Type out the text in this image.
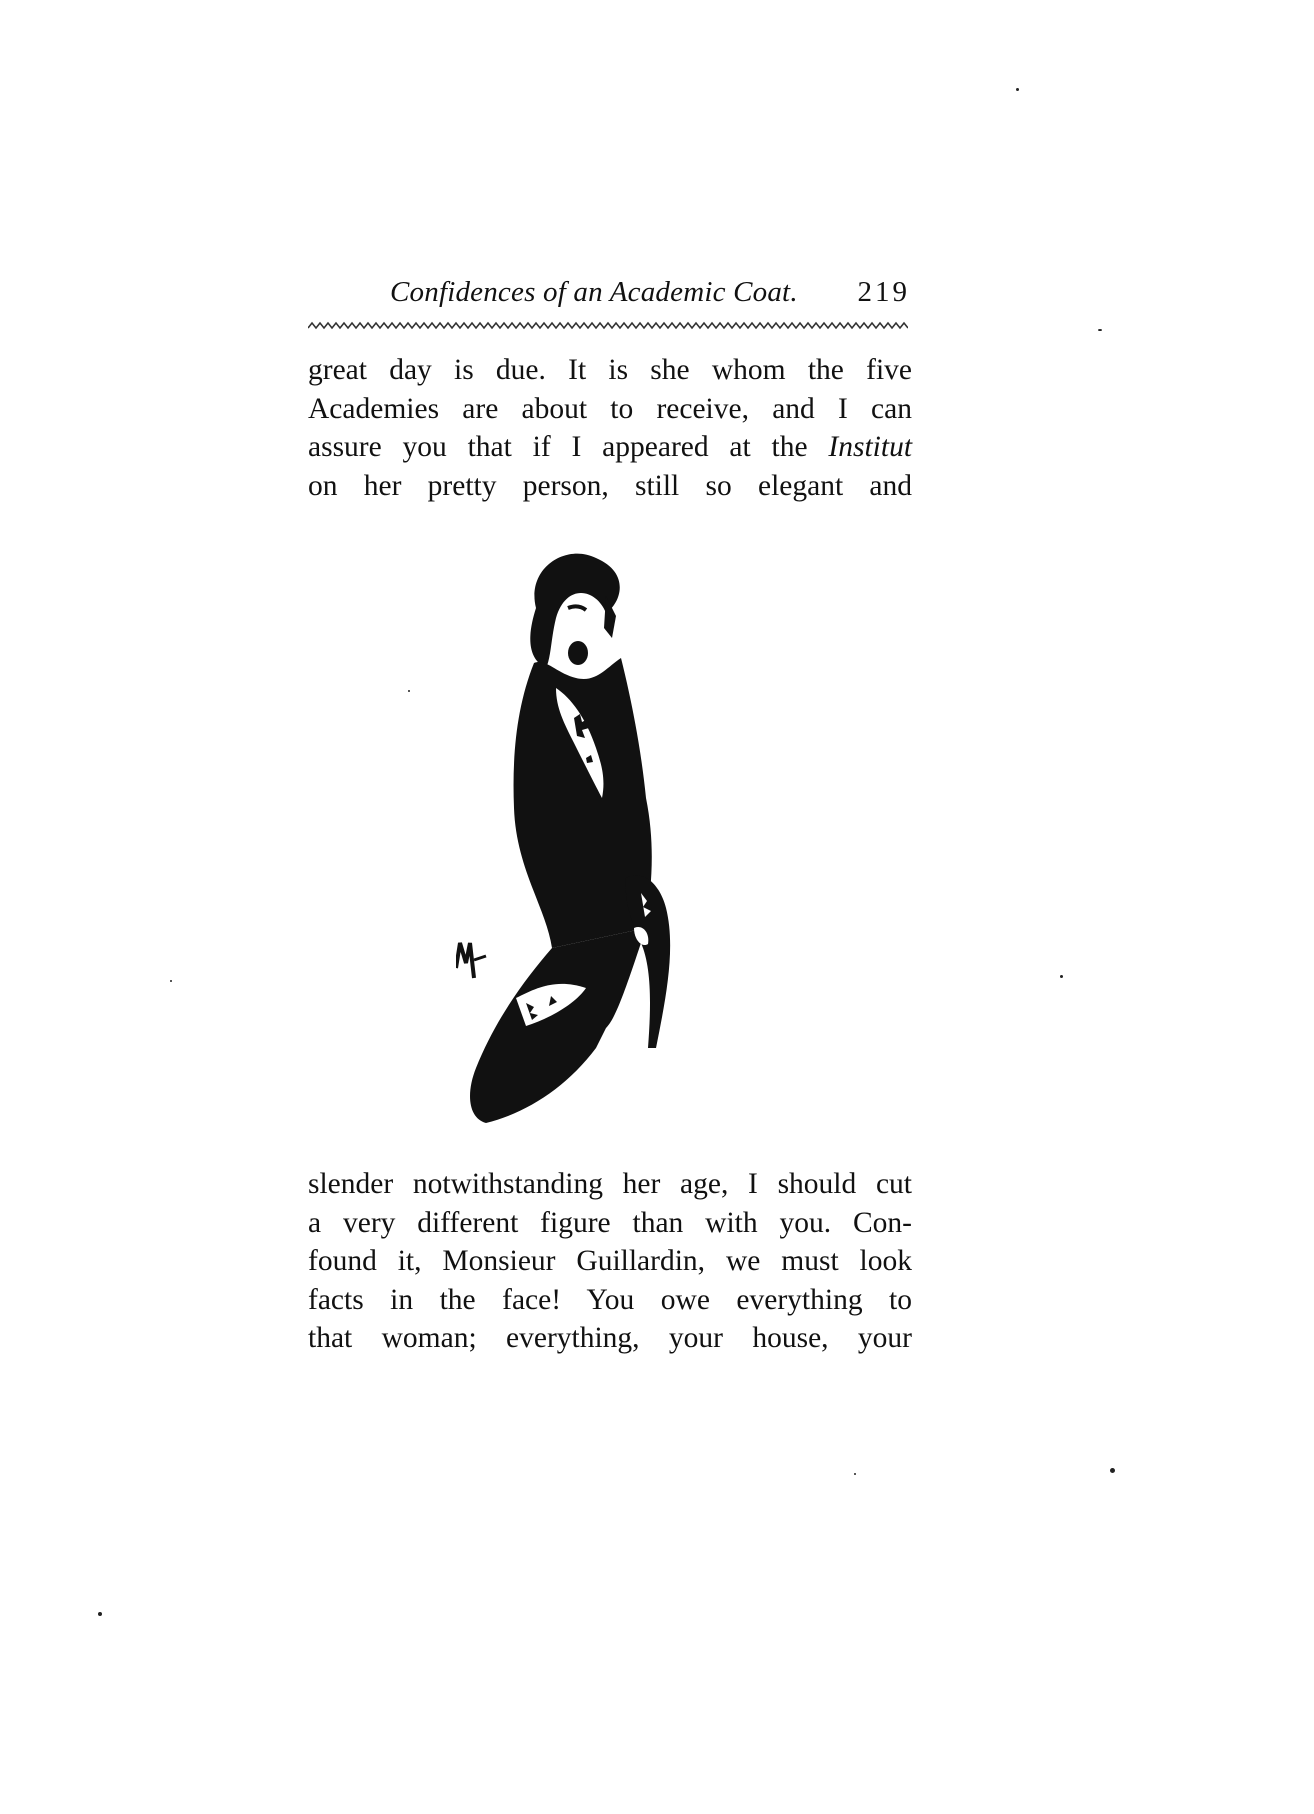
Confidences of an Academic Coat. 219
great day is due. It is she whom the five
Academies are about to receive, and I can
assure you that if I appeared at the Institut
on her pretty person, still so elegant and
slender notwithstanding her age, I should cut
a very different figure than with you. Con-
found it, Monsieur Guillardin, we must look
facts in the face! You owe everything to
that woman; everything, your house, your
